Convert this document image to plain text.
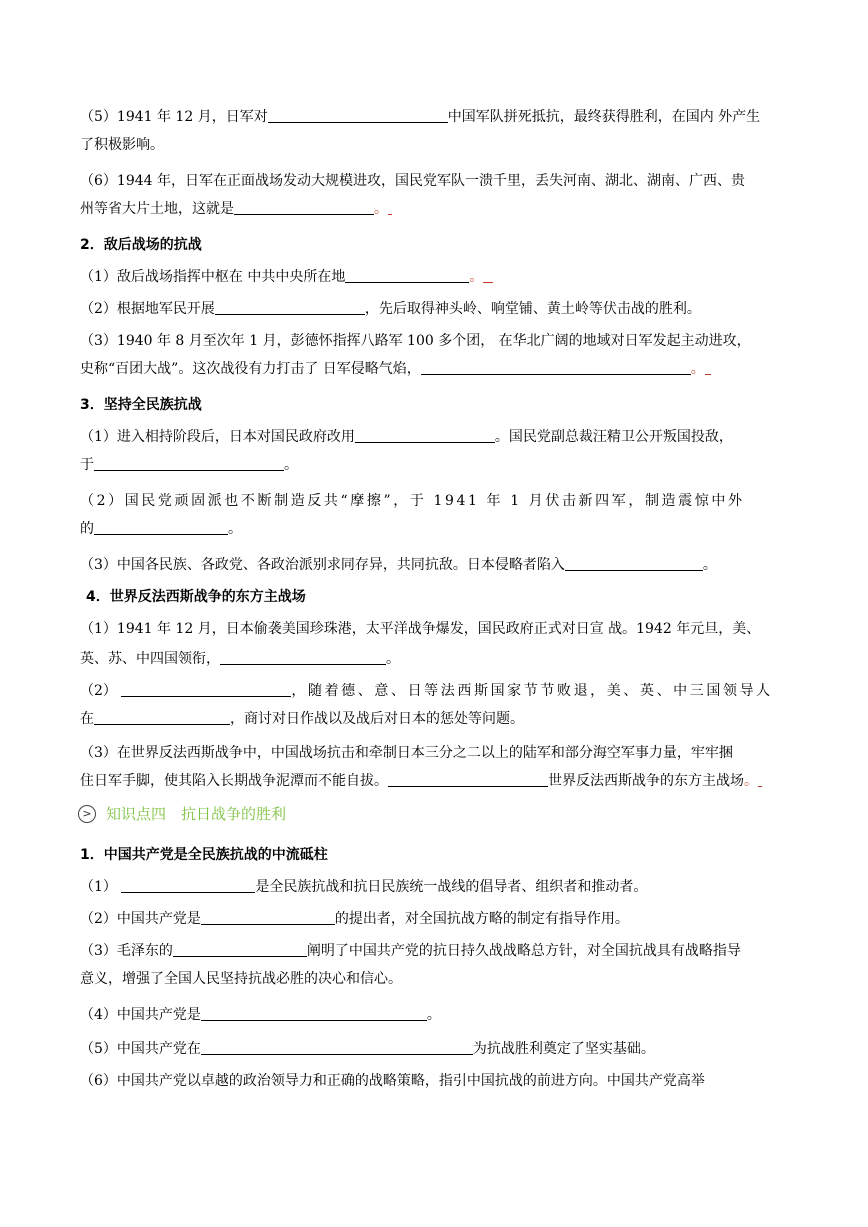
（5）1941 年 12 月，日军对	中国军队拼死抵抗，最终获得胜利，在国内 外产生
了积极影响。
（6）1944 年，日军在正面战场发动大规模进攻，国民党军队一溃千里，丢失河南、湖北、湖南、广西、贵
州等省大片土地，这就是	。
2．敌后战场的抗战
（1）敌后战场指挥中枢在 中共中央所在地	。
（2）根据地军民开展	，先后取得神头岭、响堂铺、黄土岭等伏击战的胜利。
（3）1940 年 8 月至次年 1 月，彭德怀指挥八路军 100 多个团， 在华北广阔的地域对日军发起主动进攻，
史称“百团大战”。这次战役有力打击了 日军侵略气焰，	。
3．坚持全民族抗战
（1）进入相持阶段后，日本对国民政府改用	。国民党副总裁汪精卫公开叛国投敌，
于	。
（2）国民党顽固派也不断制造反共“摩擦”，于 1941 年 1 月伏击新四军，制造震惊中外
的	。
（3）中国各民族、各政党、各政治派别求同存异，共同抗敌。日本侵略者陷入	。
4．世界反法西斯战争的东方主战场
（1）1941 年 12 月，日本偷袭美国珍珠港，太平洋战争爆发，国民政府正式对日宣 战。1942 年元旦，美、
英、苏、中四国领衔，	。
（2）	，随着德、意、日等法西斯国家节节败退，美、英、中三国领导人
在	，商讨对日作战以及战后对日本的惩处等问题。
（3）在世界反法西斯战争中，中国战场抗击和牵制日本三分之二以上的陆军和部分海空军事力量，牢牢捆
住日军手脚，使其陷入长期战争泥潭而不能自拔。	世界反法西斯战争的东方主战场。
> 知识点四　抗日战争的胜利
1．中国共产党是全民族抗战的中流砥柱
（1）	是全民族抗战和抗日民族统一战线的倡导者、组织者和推动者。
（2）中国共产党是	的提出者，对全国抗战方略的制定有指导作用。
（3）毛泽东的	阐明了中国共产党的抗日持久战战略总方针，对全国抗战具有战略指导
意义，增强了全国人民坚持抗战必胜的决心和信心。
（4）中国共产党是	。
（5）中国共产党在	为抗战胜利奠定了坚实基础。
（6）中国共产党以卓越的政治领导力和正确的战略策略，指引中国抗战的前进方向。中国共产党高举
